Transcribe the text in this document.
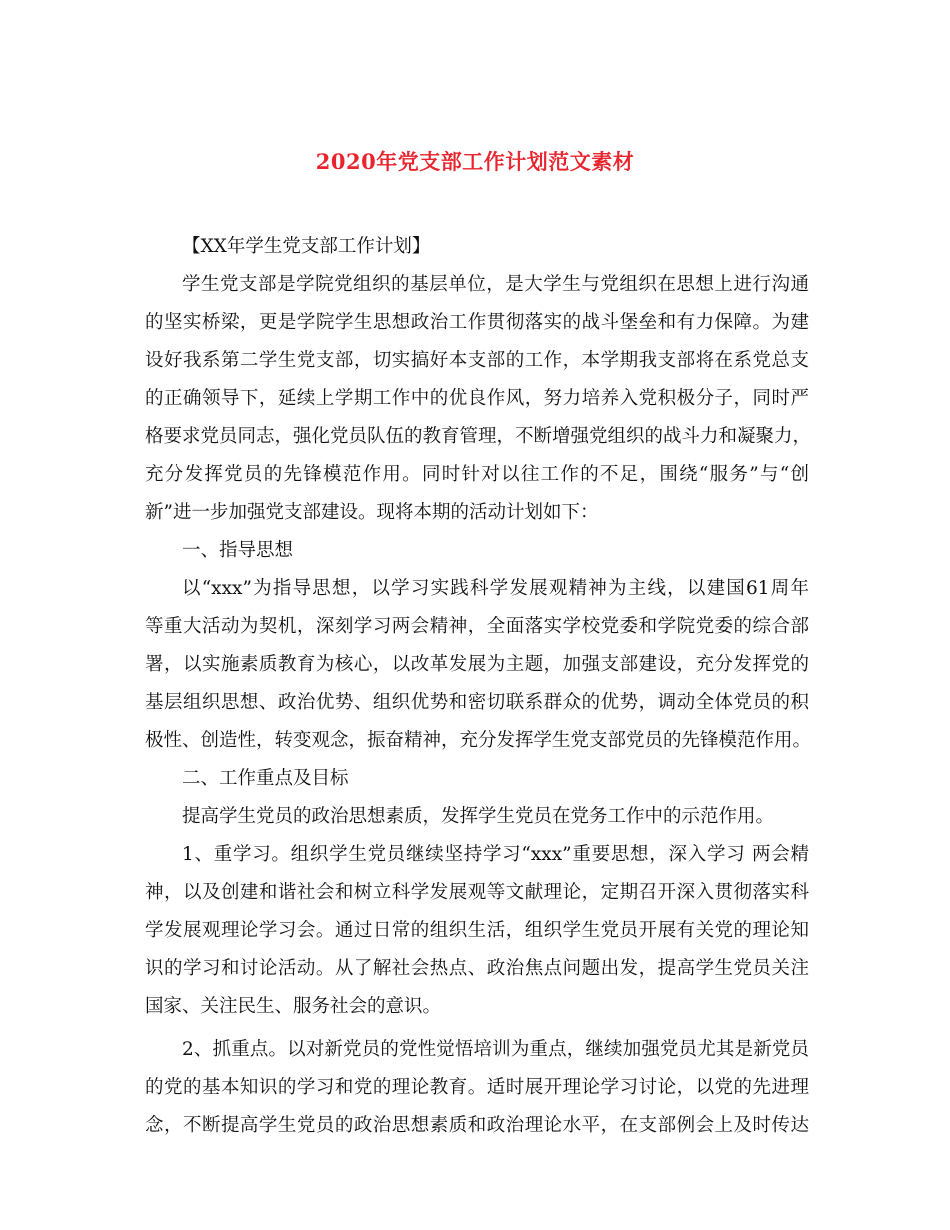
2020年党支部工作计划范文素材
【XX年学生党支部工作计划】
学生党支部是学院党组织的基层单位，是大学生与党组织在思想上进行沟通
的坚实桥梁，更是学院学生思想政治工作贯彻落实的战斗堡垒和有力保障。为建
设好我系第二学生党支部，切实搞好本支部的工作，本学期我支部将在系党总支
的正确领导下，延续上学期工作中的优良作风，努力培养入党积极分子，同时严
格要求党员同志，强化党员队伍的教育管理，不断增强党组织的战斗力和凝聚力，
充分发挥党员的先锋模范作用。同时针对以往工作的不足，围绕“服务”与“创
新”进一步加强党支部建设。现将本期的活动计划如下：
一、指导思想
以“xxx”为指导思想，以学习实践科学发展观精神为主线，以建国61周年
等重大活动为契机，深刻学习两会精神，全面落实学校党委和学院党委的综合部
署，以实施素质教育为核心，以改革发展为主题，加强支部建设，充分发挥党的
基层组织思想、政治优势、组织优势和密切联系群众的优势，调动全体党员的积
极性、创造性，转变观念，振奋精神，充分发挥学生党支部党员的先锋模范作用。
二、工作重点及目标
提高学生党员的政治思想素质，发挥学生党员在党务工作中的示范作用。
1、重学习。组织学生党员继续坚持学习“xxx”重要思想，深入学习 两会精
神，以及创建和谐社会和树立科学发展观等文献理论，定期召开深入贯彻落实科
学发展观理论学习会。通过日常的组织生活，组织学生党员开展有关党的理论知
识的学习和讨论活动。从了解社会热点、政治焦点问题出发，提高学生党员关注
国家、关注民生、服务社会的意识。
2、抓重点。以对新党员的党性觉悟培训为重点，继续加强党员尤其是新党员
的党的基本知识的学习和党的理论教育。适时展开理论学习讨论，以党的先进理
念，不断提高学生党员的政治思想素质和政治理论水平，在支部例会上及时传达
